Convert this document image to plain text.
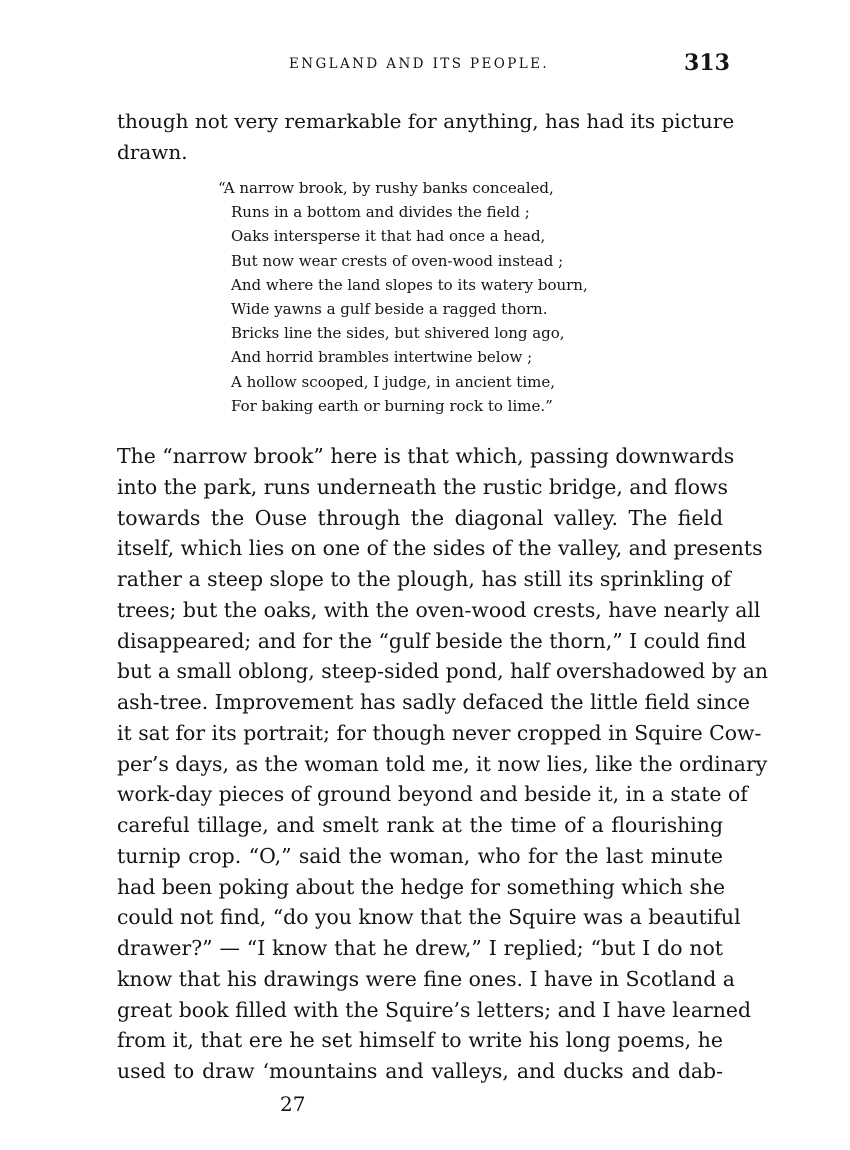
ENGLAND AND ITS PEOPLE.	313
though not very remarkable for anything, has had its picture
drawn.
“A narrow brook, by rushy banks concealed,
Runs in a bottom and divides the field ;
Oaks intersperse it that had once a head,
But now wear crests of oven-wood instead ;
And where the land slopes to its watery bourn,
Wide yawns a gulf beside a ragged thorn.
Bricks line the sides, but shivered long ago,
And horrid brambles intertwine below ;
A hollow scooped, I judge, in ancient time,
For baking earth or burning rock to lime.”
The “narrow brook” here is that which, passing downwards
into the park, runs underneath the rustic bridge, and flows
towards the Ouse through the diagonal valley. The field
itself, which lies on one of the sides of the valley, and presents
rather a steep slope to the plough, has still its sprinkling of
trees; but the oaks, with the oven-wood crests, have nearly all
disappeared; and for the “gulf beside the thorn,” I could find
but a small oblong, steep-sided pond, half overshadowed by an
ash-tree. Improvement has sadly defaced the little field since
it sat for its portrait; for though never cropped in Squire Cow-
per’s days, as the woman told me, it now lies, like the ordinary
work-day pieces of ground beyond and beside it, in a state of
careful tillage, and smelt rank at the time of a flourishing
turnip crop. “O,” said the woman, who for the last minute
had been poking about the hedge for something which she
could not find, “do you know that the Squire was a beautiful
drawer?” — “I know that he drew,” I replied; “but I do not
know that his drawings were fine ones. I have in Scotland a
great book filled with the Squire’s letters; and I have learned
from it, that ere he set himself to write his long poems, he
used to draw ‘mountains and valleys, and ducks and dab-
27
